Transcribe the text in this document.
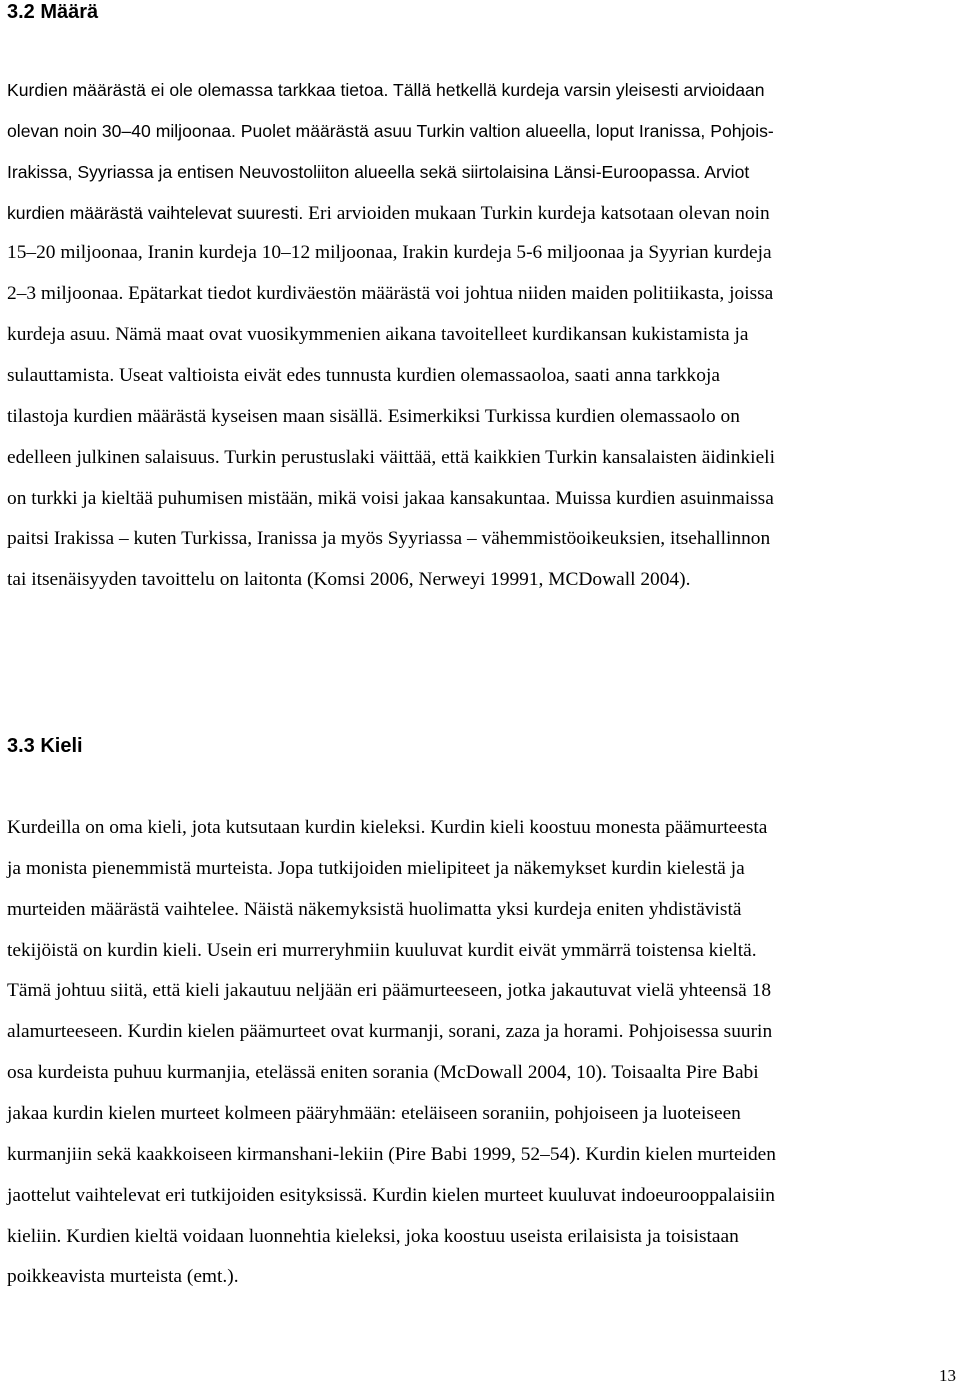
3.2 Määrä
Kurdien määrästä ei ole olemassa tarkkaa tietoa. Tällä hetkellä kurdeja varsin yleisesti arvioidaan
olevan noin 30–40 miljoonaa. Puolet määrästä asuu Turkin valtion alueella, loput Iranissa, Pohjois-
Irakissa, Syyriassa ja entisen Neuvostoliiton alueella sekä siirtolaisina Länsi-Euroopassa. Arviot
kurdien määrästä vaihtelevat suuresti. Eri arvioiden mukaan Turkin kurdeja katsotaan olevan noin
15–20 miljoonaa, Iranin kurdeja 10–12 miljoonaa, Irakin kurdeja 5-6 miljoonaa ja Syyrian kurdeja
2–3 miljoonaa. Epätarkat tiedot kurdiväestön määrästä voi johtua niiden maiden politiikasta, joissa
kurdeja asuu. Nämä maat ovat vuosikymmenien aikana tavoitelleet kurdikansan kukistamista ja
sulauttamista. Useat valtioista eivät edes tunnusta kurdien olemassaoloa, saati anna tarkkoja
tilastoja kurdien määrästä kyseisen maan sisällä. Esimerkiksi Turkissa kurdien olemassaolo on
edelleen julkinen salaisuus. Turkin perustuslaki väittää, että kaikkien Turkin kansalaisten äidinkieli
on turkki ja kieltää puhumisen mistään, mikä voisi jakaa kansakuntaa. Muissa kurdien asuinmaissa
paitsi Irakissa – kuten Turkissa, Iranissa ja myös Syyriassa – vähemmistöoikeuksien, itsehallinnon
tai itsenäisyyden tavoittelu on laitonta (Komsi 2006, Nerweyi 19991, MCDowall 2004).
3.3 Kieli
Kurdeilla on oma kieli, jota kutsutaan kurdin kieleksi. Kurdin kieli koostuu monesta päämurteesta
ja monista pienemmistä murteista. Jopa tutkijoiden mielipiteet ja näkemykset kurdin kielestä ja
murteiden määrästä vaihtelee. Näistä näkemyksistä huolimatta yksi kurdeja eniten yhdistävistä
tekijöistä on kurdin kieli. Usein eri murreryhmiin kuuluvat kurdit eivät ymmärrä toistensa kieltä.
Tämä johtuu siitä, että kieli jakautuu neljään eri päämurteeseen, jotka jakautuvat vielä yhteensä 18
alamurteeseen. Kurdin kielen päämurteet ovat kurmanji, sorani, zaza ja horami. Pohjoisessa suurin
osa kurdeista puhuu kurmanjia, etelässä eniten sorania (McDowall 2004, 10). Toisaalta Pire Babi
jakaa kurdin kielen murteet kolmeen pääryhmään: eteläiseen soraniin, pohjoiseen ja luoteiseen
kurmanjiin sekä kaakkoiseen kirmanshani-lekiin (Pire Babi 1999, 52–54). Kurdin kielen murteiden
jaottelut vaihtelevat eri tutkijoiden esityksissä. Kurdin kielen murteet kuuluvat indoeurooppalaisiin
kieliin. Kurdien kieltä voidaan luonnehtia kieleksi, joka koostuu useista erilaisista ja toisistaan
poikkeavista murteista (emt.).
13
